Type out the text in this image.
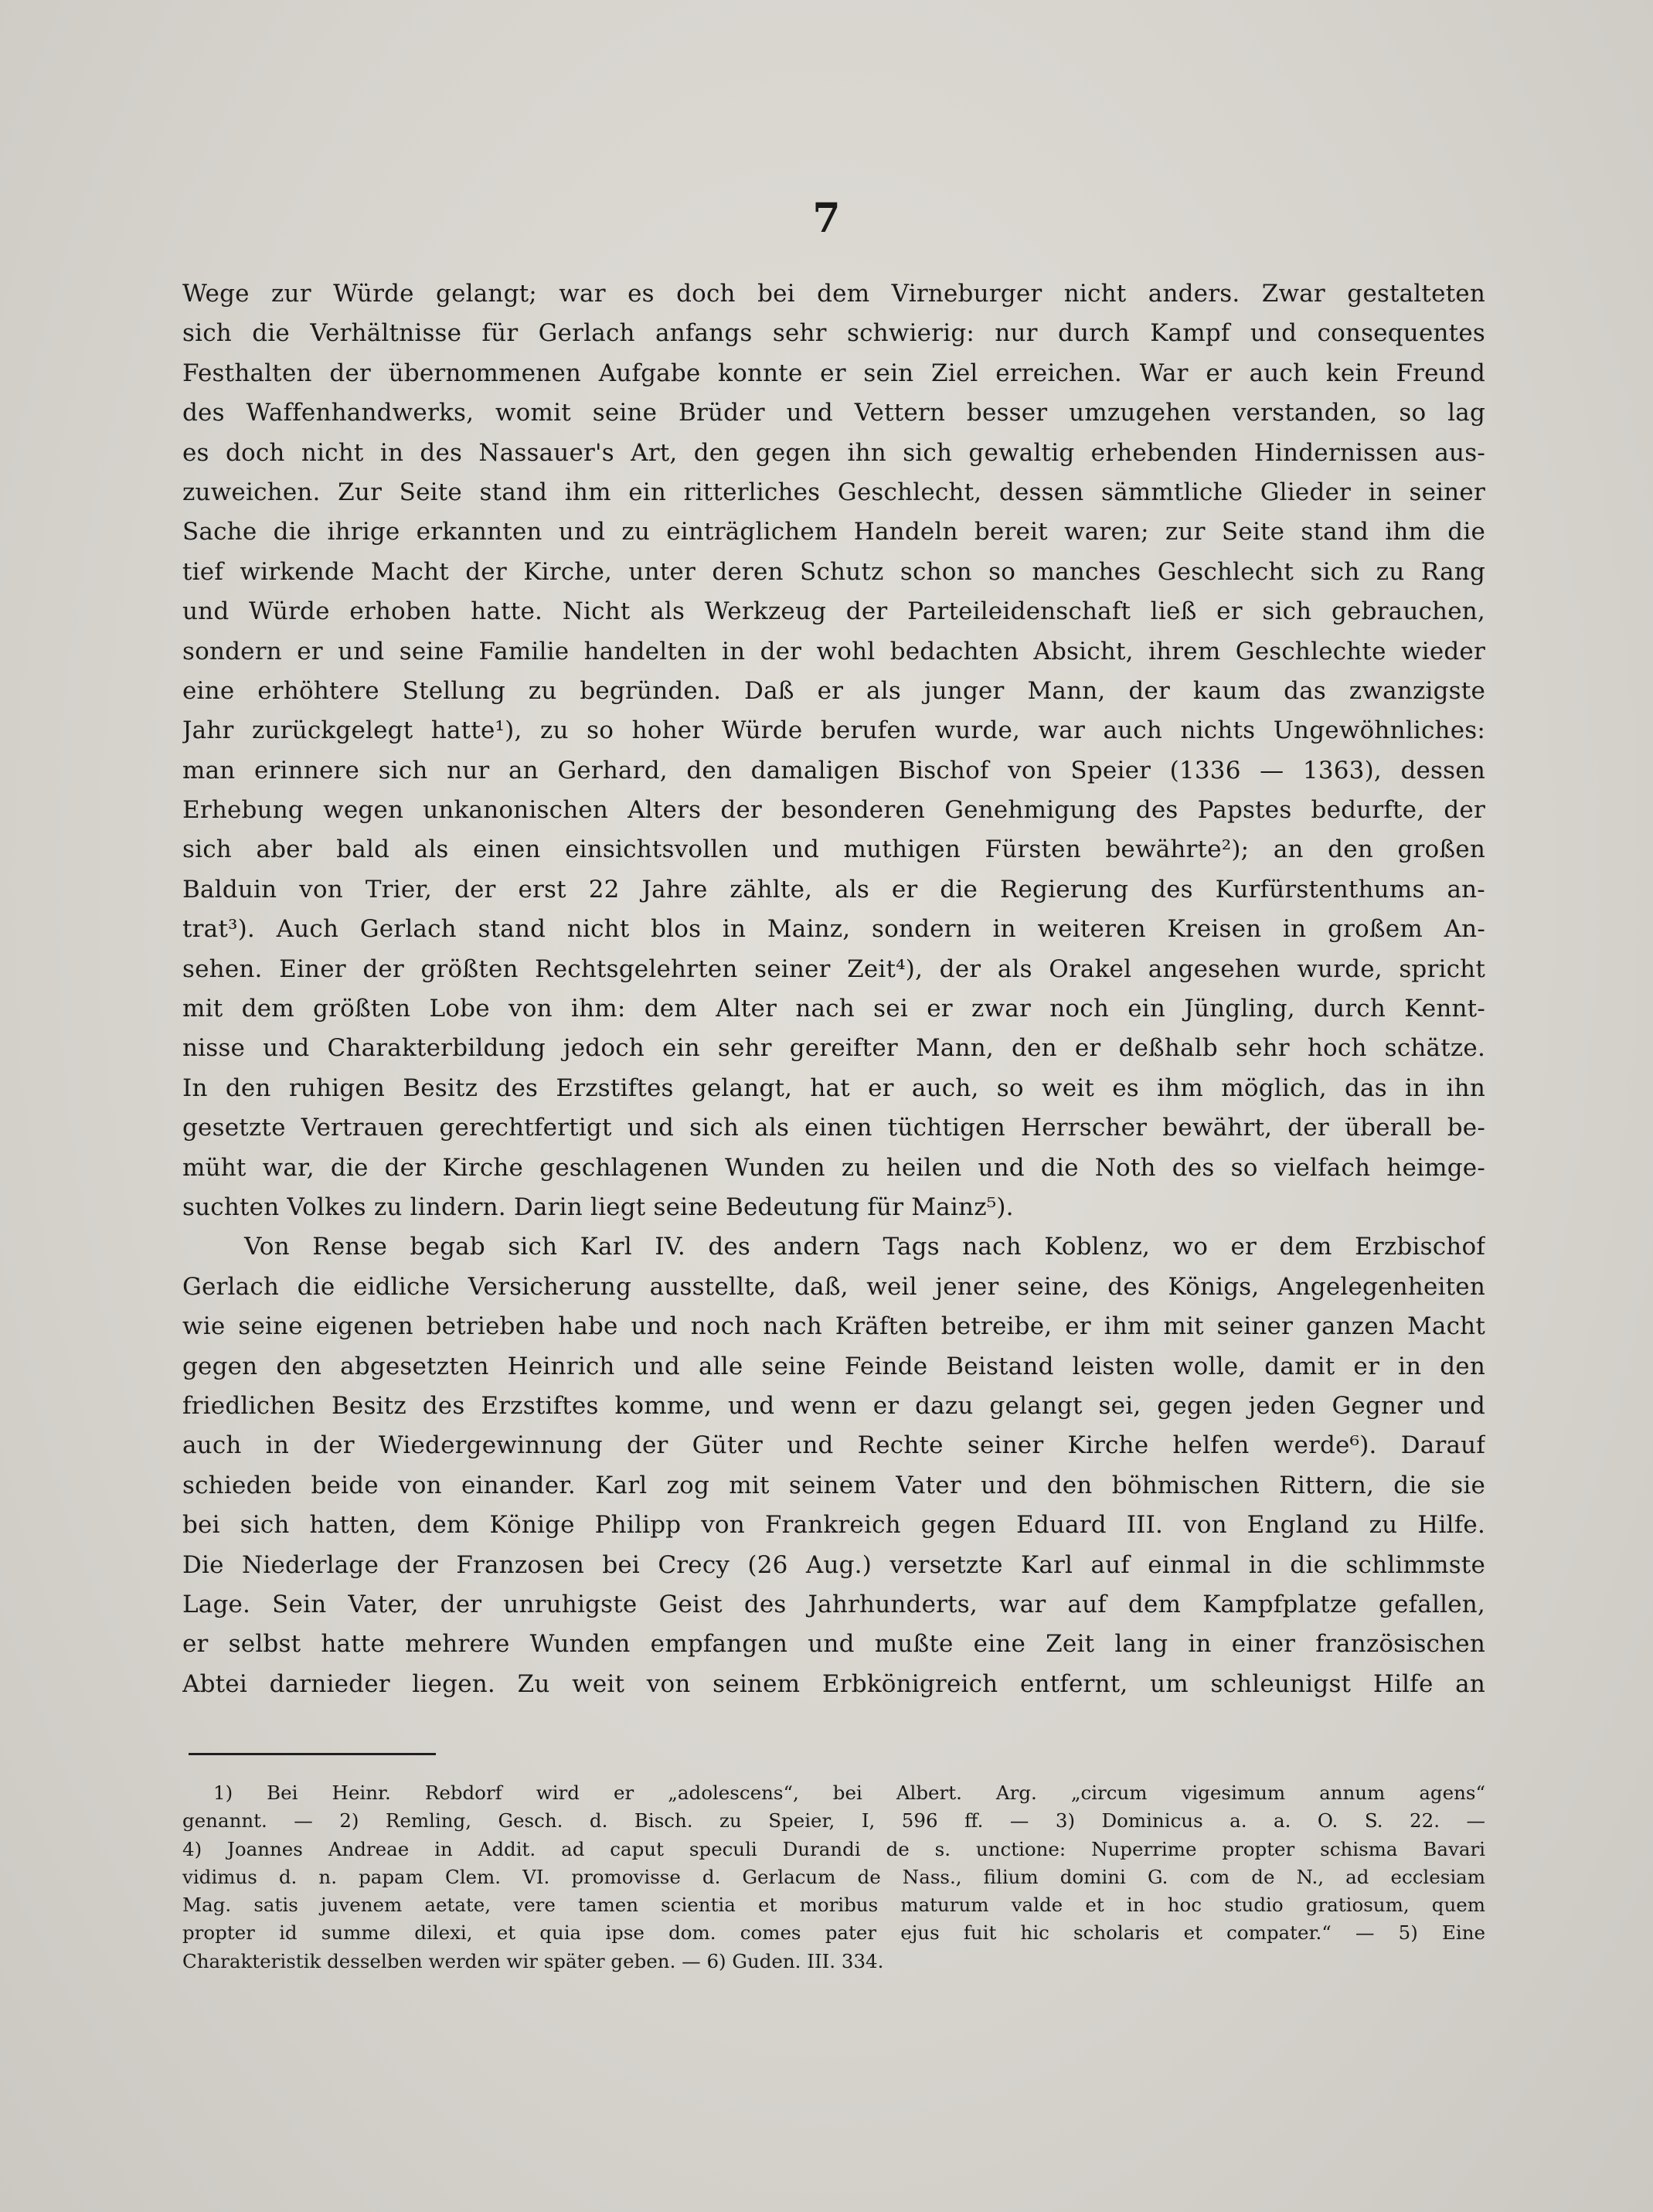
7
Wege zur Würde gelangt; war es doch bei dem Virneburger nicht anders. Zwar gestalteten
sich die Verhältnisse für Gerlach anfangs sehr schwierig: nur durch Kampf und consequentes
Festhalten der übernommenen Aufgabe konnte er sein Ziel erreichen. War er auch kein Freund
des Waffenhandwerks, womit seine Brüder und Vettern besser umzugehen verstanden, so lag
es doch nicht in des Nassauer's Art, den gegen ihn sich gewaltig erhebenden Hindernissen aus-
zuweichen. Zur Seite stand ihm ein ritterliches Geschlecht, dessen sämmtliche Glieder in seiner
Sache die ihrige erkannten und zu einträglichem Handeln bereit waren; zur Seite stand ihm die
tief wirkende Macht der Kirche, unter deren Schutz schon so manches Geschlecht sich zu Rang
und Würde erhoben hatte. Nicht als Werkzeug der Parteileidenschaft ließ er sich gebrauchen,
sondern er und seine Familie handelten in der wohl bedachten Absicht, ihrem Geschlechte wieder
eine erhöhtere Stellung zu begründen. Daß er als junger Mann, der kaum das zwanzigste
Jahr zurückgelegt hatte¹), zu so hoher Würde berufen wurde, war auch nichts Ungewöhnliches:
man erinnere sich nur an Gerhard, den damaligen Bischof von Speier (1336 — 1363), dessen
Erhebung wegen unkanonischen Alters der besonderen Genehmigung des Papstes bedurfte, der
sich aber bald als einen einsichtsvollen und muthigen Fürsten bewährte²); an den großen
Balduin von Trier, der erst 22 Jahre zählte, als er die Regierung des Kurfürstenthums an-
trat³). Auch Gerlach stand nicht blos in Mainz, sondern in weiteren Kreisen in großem An-
sehen. Einer der größten Rechtsgelehrten seiner Zeit⁴), der als Orakel angesehen wurde, spricht
mit dem größten Lobe von ihm: dem Alter nach sei er zwar noch ein Jüngling, durch Kennt-
nisse und Charakterbildung jedoch ein sehr gereifter Mann, den er deßhalb sehr hoch schätze.
In den ruhigen Besitz des Erzstiftes gelangt, hat er auch, so weit es ihm möglich, das in ihn
gesetzte Vertrauen gerechtfertigt und sich als einen tüchtigen Herrscher bewährt, der überall be-
müht war, die der Kirche geschlagenen Wunden zu heilen und die Noth des so vielfach heimge-
suchten Volkes zu lindern. Darin liegt seine Bedeutung für Mainz⁵).
Von Rense begab sich Karl IV. des andern Tags nach Koblenz, wo er dem Erzbischof
Gerlach die eidliche Versicherung ausstellte, daß, weil jener seine, des Königs, Angelegenheiten
wie seine eigenen betrieben habe und noch nach Kräften betreibe, er ihm mit seiner ganzen Macht
gegen den abgesetzten Heinrich und alle seine Feinde Beistand leisten wolle, damit er in den
friedlichen Besitz des Erzstiftes komme, und wenn er dazu gelangt sei, gegen jeden Gegner und
auch in der Wiedergewinnung der Güter und Rechte seiner Kirche helfen werde⁶). Darauf
schieden beide von einander. Karl zog mit seinem Vater und den böhmischen Rittern, die sie
bei sich hatten, dem Könige Philipp von Frankreich gegen Eduard III. von England zu Hilfe.
Die Niederlage der Franzosen bei Crecy (26 Aug.) versetzte Karl auf einmal in die schlimmste
Lage. Sein Vater, der unruhigste Geist des Jahrhunderts, war auf dem Kampfplatze gefallen,
er selbst hatte mehrere Wunden empfangen und mußte eine Zeit lang in einer französischen
Abtei darnieder liegen. Zu weit von seinem Erbkönigreich entfernt, um schleunigst Hilfe an
1) Bei Heinr. Rebdorf wird er „adolescens“, bei Albert. Arg. „circum vigesimum annum agens“
genannt. — 2) Remling, Gesch. d. Bisch. zu Speier, I, 596 ff. — 3) Dominicus a. a. O. S. 22. —
4) Joannes Andreae in Addit. ad caput speculi Durandi de s. unctione: Nuperrime propter schisma Bavari
vidimus d. n. papam Clem. VI. promovisse d. Gerlacum de Nass., filium domini G. com de N., ad ecclesiam
Mag. satis juvenem aetate, vere tamen scientia et moribus maturum valde et in hoc studio gratiosum, quem
propter id summe dilexi, et quia ipse dom. comes pater ejus fuit hic scholaris et compater.“ — 5) Eine
Charakteristik desselben werden wir später geben. — 6) Guden. III. 334.
